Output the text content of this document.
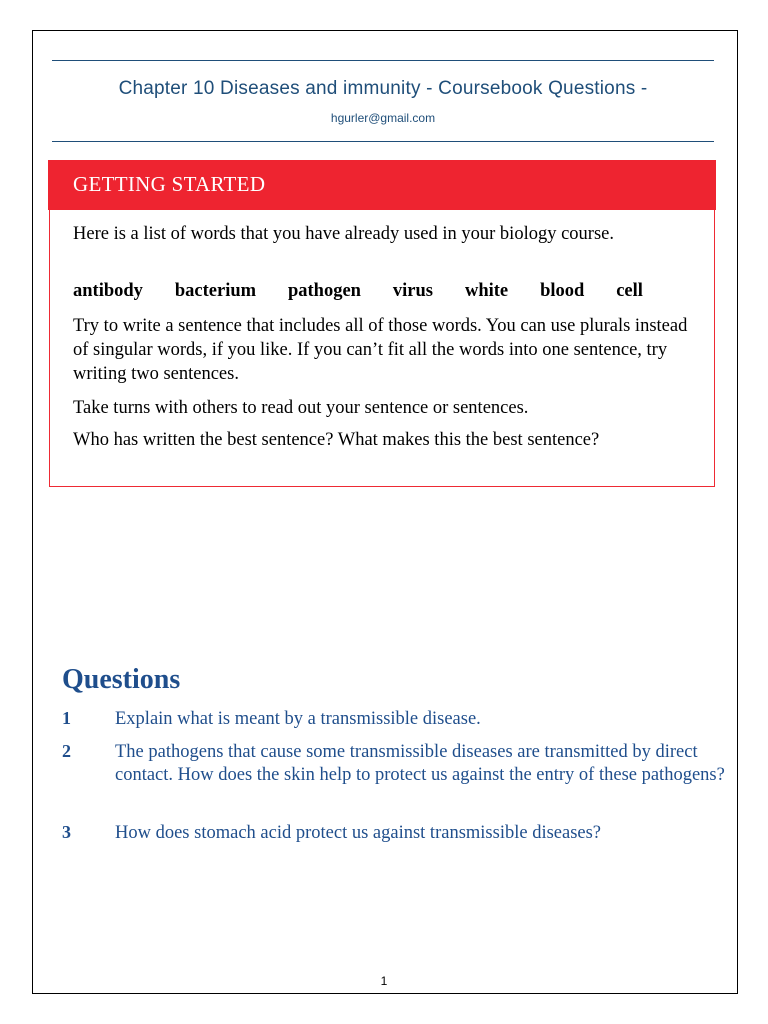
Chapter 10 Diseases and immunity - Coursebook Questions -
hgurler@gmail.com
GETTING STARTED
Here is a list of words that you have already used in your biology course.
antibody bacterium pathogen virus white blood cell
Try to write a sentence that includes all of those words. You can use plurals instead of singular words, if you like. If you can’t fit all the words into one sentence, try writing two sentences.
Take turns with others to read out your sentence or sentences.
Who has written the best sentence? What makes this the best sentence?
Questions
1 Explain what is meant by a transmissible disease.
2 The pathogens that cause some transmissible diseases are transmitted by direct contact. How does the skin help to protect us against the entry of these pathogens?
3 How does stomach acid protect us against transmissible diseases?
1
